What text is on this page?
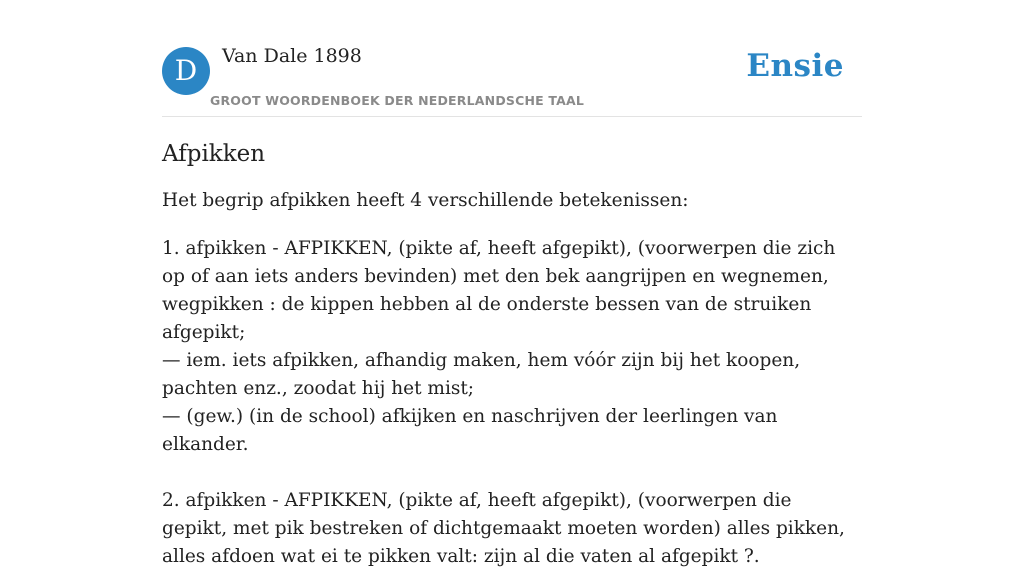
D	Van Dale 1898
GROOT WOORDENBOEK DER NEDERLANDSCHE TAAL
Ensie
Afpikken

Het begrip afpikken heeft 4 verschillende betekenissen:

1. afpikken - AFPIKKEN, (pikte af, heeft afgepikt), (voorwerpen die zich op of aan iets anders bevinden) met den bek aangrijpen en wegnemen, wegpikken : de kippen hebben al de onderste bessen van de struiken afgepikt;
— iem. iets afpikken, afhandig maken, hem vóór zijn bij het koopen, pachten enz., zoodat hij het mist;
— (gew.) (in de school) afkijken en naschrijven der leerlingen van elkander.
2. afpikken - AFPIKKEN, (pikte af, heeft afgepikt), (voorwerpen die gepikt, met pik bestreken of dichtgemaakt moeten worden) alles pikken, alles afdoen wat ei te pikken valt: zijn al die vaten al afgepikt ?.
